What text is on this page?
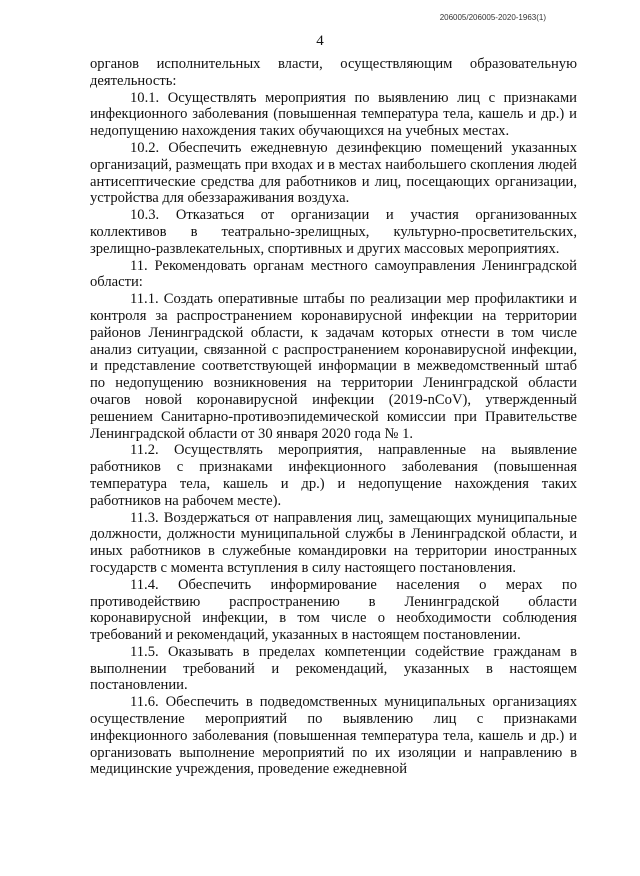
206005/206005-2020-1963(1)
4

органов исполнительных власти, осуществляющим образовательную деятельность:

10.1. Осуществлять мероприятия по выявлению лиц с признаками инфекционного заболевания (повышенная температура тела, кашель и др.) и недопущению нахождения таких обучающихся на учебных местах.

10.2. Обеспечить ежедневную дезинфекцию помещений указанных организаций, размещать при входах и в местах наибольшего скопления людей антисептические средства для работников и лиц, посещающих организации, устройства для обеззараживания воздуха.

10.3. Отказаться от организации и участия организованных коллективов в театрально-зрелищных, культурно-просветительских, зрелищно-развлекательных, спортивных и других массовых мероприятиях.

11. Рекомендовать органам местного самоуправления Ленинградской области:

11.1. Создать оперативные штабы по реализации мер профилактики и контроля за распространением коронавирусной инфекции на территории районов Ленинградской области, к задачам которых отнести в том числе анализ ситуации, связанной с распространением коронавирусной инфекции, и представление соответствующей информации в межведомственный штаб по недопущению возникновения на территории Ленинградской области очагов новой коронавирусной инфекции (2019-nCoV), утвержденный решением Санитарно-противоэпидемической комиссии при Правительстве Ленинградской области от 30 января 2020 года № 1.

11.2. Осуществлять мероприятия, направленные на выявление работников с признаками инфекционного заболевания (повышенная температура тела, кашель и др.) и недопущение нахождения таких работников на рабочем месте).

11.3. Воздержаться от направления лиц, замещающих муниципальные должности, должности муниципальной службы в Ленинградской области, и иных работников в служебные командировки на территории иностранных государств с момента вступления в силу настоящего постановления.

11.4. Обеспечить информирование населения о мерах по противодействию распространению в Ленинградской области коронавирусной инфекции, в том числе о необходимости соблюдения требований и рекомендаций, указанных в настоящем постановлении.

11.5. Оказывать в пределах компетенции содействие гражданам в выполнении требований и рекомендаций, указанных в настоящем постановлении.

11.6. Обеспечить в подведомственных муниципальных организациях осуществление мероприятий по выявлению лиц с признаками инфекционного заболевания (повышенная температура тела, кашель и др.) и организовать выполнение мероприятий по их изоляции и направлению в медицинские учреждения, проведение ежедневной
